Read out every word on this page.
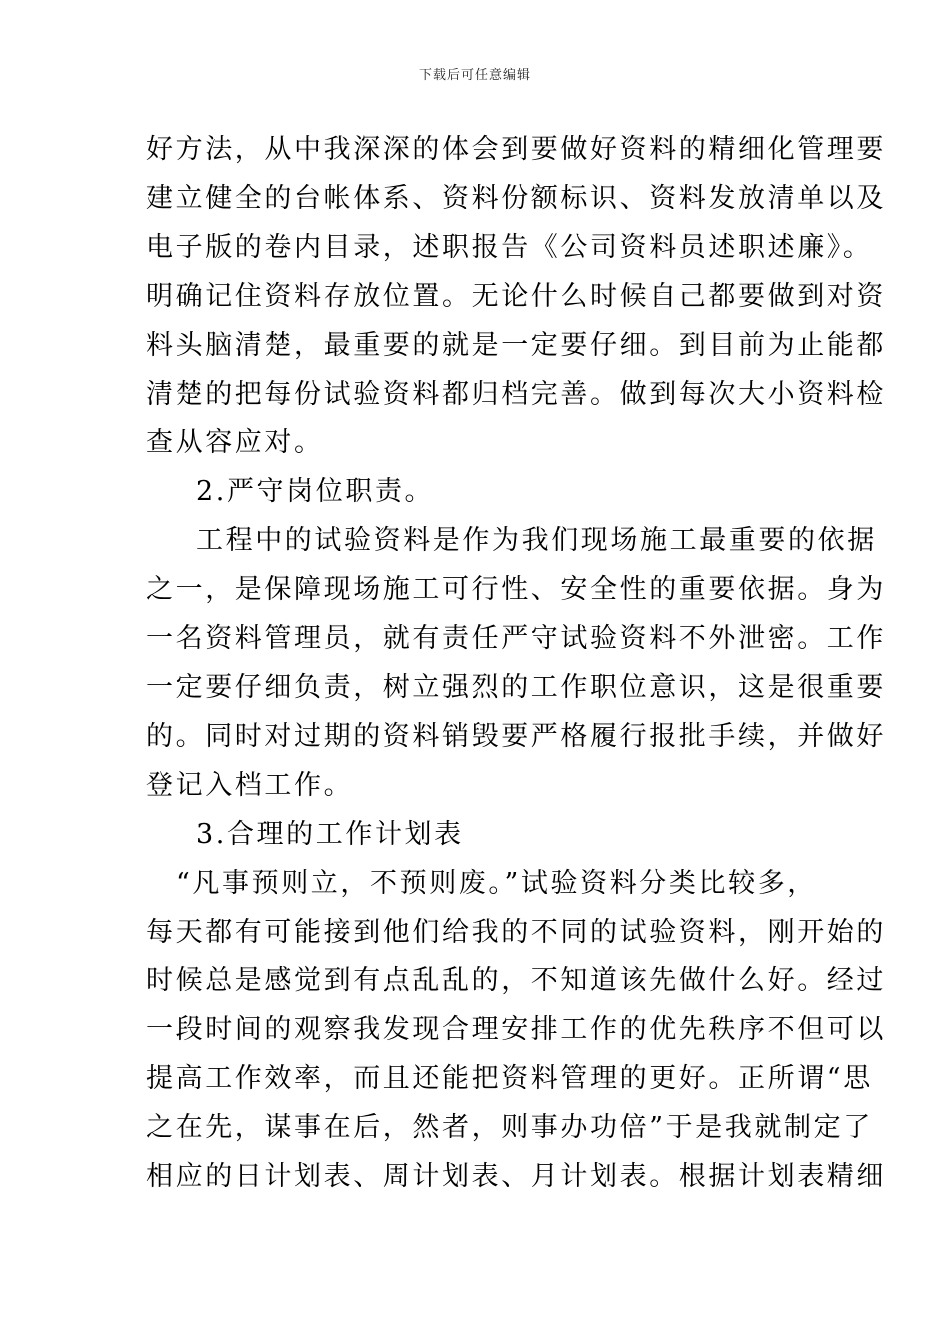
下载后可任意编辑
好方法，从中我深深的体会到要做好资料的精细化管理要
建立健全的台帐体系、资料份额标识、资料发放清单以及
电子版的卷内目录，述职报告《公司资料员述职述廉》。
明确记住资料存放位置。无论什么时候自己都要做到对资
料头脑清楚，最重要的就是一定要仔细。到目前为止能都
清楚的把每份试验资料都归档完善。做到每次大小资料检
查从容应对。
2.严守岗位职责。
工程中的试验资料是作为我们现场施工最重要的依据
之一，是保障现场施工可行性、安全性的重要依据。身为
一名资料管理员，就有责任严守试验资料不外泄密。工作
一定要仔细负责，树立强烈的工作职位意识，这是很重要
的。同时对过期的资料销毁要严格履行报批手续，并做好
登记入档工作。
3.合理的工作计划表
“凡事预则立，不预则废。”试验资料分类比较多，
每天都有可能接到他们给我的不同的试验资料，刚开始的
时候总是感觉到有点乱乱的，不知道该先做什么好。经过
一段时间的观察我发现合理安排工作的优先秩序不但可以
提高工作效率，而且还能把资料管理的更好。正所谓“思
之在先，谋事在后，然者，则事办功倍”于是我就制定了
相应的日计划表、周计划表、月计划表。根据计划表精细
